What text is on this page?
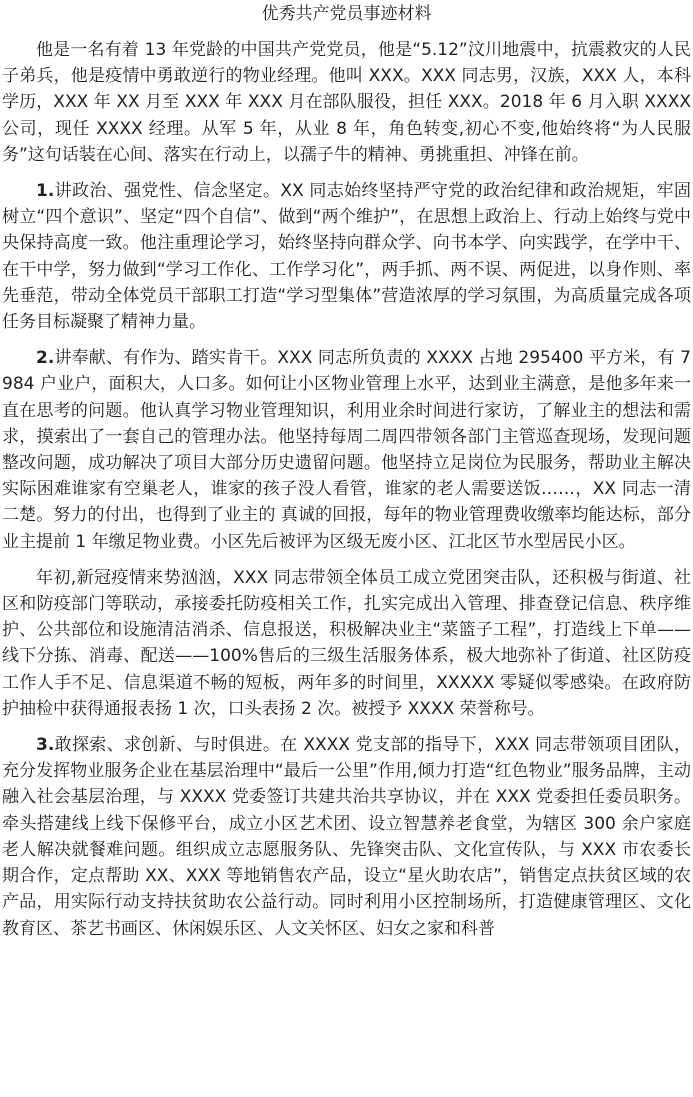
优秀共产党员事迹材料

他是一名有着 13 年党龄的中国共产党党员，他是“5.12”汶川地震中，抗震救灾的人民子弟兵，他是疫情中勇敢逆行的物业经理。他叫 XXX。XXX 同志男，汉族，XXX 人，本科学历，XXX 年 XX 月至 XXX 年 XXX 月在部队服役，担任 XXX。2018 年 6 月入职 XXXX 公司，现任 XXXX 经理。从军 5 年，从业 8 年，角色转变,初心不变,他始终将“为人民服务”这句话装在心间、落实在行动上，以孺子牛的精神、勇挑重担、冲锋在前。

1.讲政治、强党性、信念坚定。XX 同志始终坚持严守党的政治纪律和政治规矩，牢固树立“四个意识”、坚定“四个自信”、做到“两个维护”，在思想上政治上、行动上始终与党中央保持高度一致。他注重理论学习，始终坚持向群众学、向书本学、向实践学，在学中干、在干中学，努力做到“学习工作化、工作学习化”，两手抓、两不误、两促进，以身作则、率先垂范，带动全体党员干部职工打造“学习型集体”营造浓厚的学习氛围，为高质量完成各项任务目标凝聚了精神力量。

2.讲奉献、有作为、踏实肯干。XXX 同志所负责的 XXXX 占地 295400 平方米，有 7984 户业户，面积大，人口多。如何让小区物业管理上水平，达到业主满意，是他多年来一直在思考的问题。他认真学习物业管理知识，利用业余时间进行家访，了解业主的想法和需求，摸索出了一套自己的管理办法。他坚持每周二周四带领各部门主管巡查现场，发现问题整改问题，成功解决了项目大部分历史遗留问题。他坚持立足岗位为民服务，帮助业主解决实际困难谁家有空巢老人，谁家的孩子没人看管，谁家的老人需要送饭……，XX 同志一清二楚。努力的付出，也得到了业主的 真诚的回报，每年的物业管理费收缴率均能达标，部分业主提前 1 年缴足物业费。小区先后被评为区级无废小区、江北区节水型居民小区。

年初,新冠疫情来势汹汹，XXX 同志带领全体员工成立党团突击队，还积极与街道、社区和防疫部门等联动，承接委托防疫相关工作，扎实完成出入管理、排查登记信息、秩序维护、公共部位和设施清洁消杀、信息报送，积极解决业主“菜篮子工程”，打造线上下单——线下分拣、消毒、配送——100%售后的三级生活服务体系，极大地弥补了街道、社区防疫工作人手不足、信息渠道不畅的短板，两年多的时间里，XXXXX 零疑似零感染。在政府防护抽检中获得通报表扬 1 次，口头表扬 2 次。被授予 XXXX 荣誉称号。

3.敢探索、求创新、与时俱进。在 XXXX 党支部的指导下，XXX 同志带领项目团队，充分发挥物业服务企业在基层治理中“最后一公里”作用,倾力打造“红色物业”服务品牌，主动融入社会基层治理，与 XXXX 党委签订共建共治共享协议，并在 XXX 党委担任委员职务。牵头搭建线上线下保修平台，成立小区艺术团、设立智慧养老食堂，为辖区 300 余户家庭老人解决就餐难问题。组织成立志愿服务队、先锋突击队、文化宣传队，与 XXX 市农委长期合作，定点帮助 XX、XXX 等地销售农产品，设立“星火助农店”，销售定点扶贫区域的农产品，用实际行动支持扶贫助农公益行动。同时利用小区控制场所，打造健康管理区、文化教育区、茶艺书画区、休闲娱乐区、人文关怀区、妇女之家和科普
